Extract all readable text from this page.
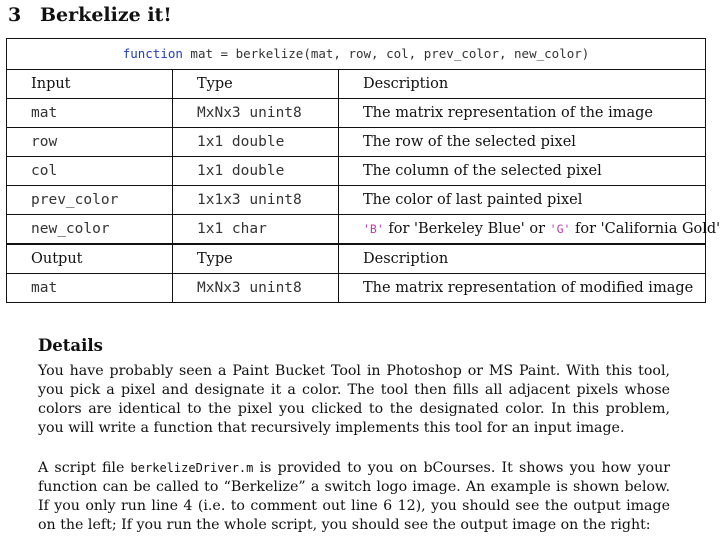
3 Berkelize it!
function mat = berkelize(mat, row, col, prev_color, new_color)		
Input	Type	Description
mat	MxNx3 unint8	The matrix representation of the image
row	1x1 double	The row of the selected pixel
col	1x1 double	The column of the selected pixel
prev_color	1x1x3 unint8	The color of last painted pixel
new_color	1x1 char	'B' for 'Berkeley Blue' or 'G' for 'California Gold'
Output	Type	Description
mat	MxNx3 unint8	The matrix representation of modified image
Details

You have probably seen a Paint Bucket Tool in Photoshop or MS Paint. With this tool, you pick a pixel and designate it a color. The tool then fills all adjacent pixels whose colors are identical to the pixel you clicked to the designated color. In this problem, you will write a function that recursively implements this tool for an input image.

A script file berkelizeDriver.m is provided to you on bCourses. It shows you how your function can be called to “Berkelize” a switch logo image. An example is shown below. If you only run line 4 (i.e. to comment out line 6 12), you should see the output image on the left; If you run the whole script, you should see the output image on the right:
